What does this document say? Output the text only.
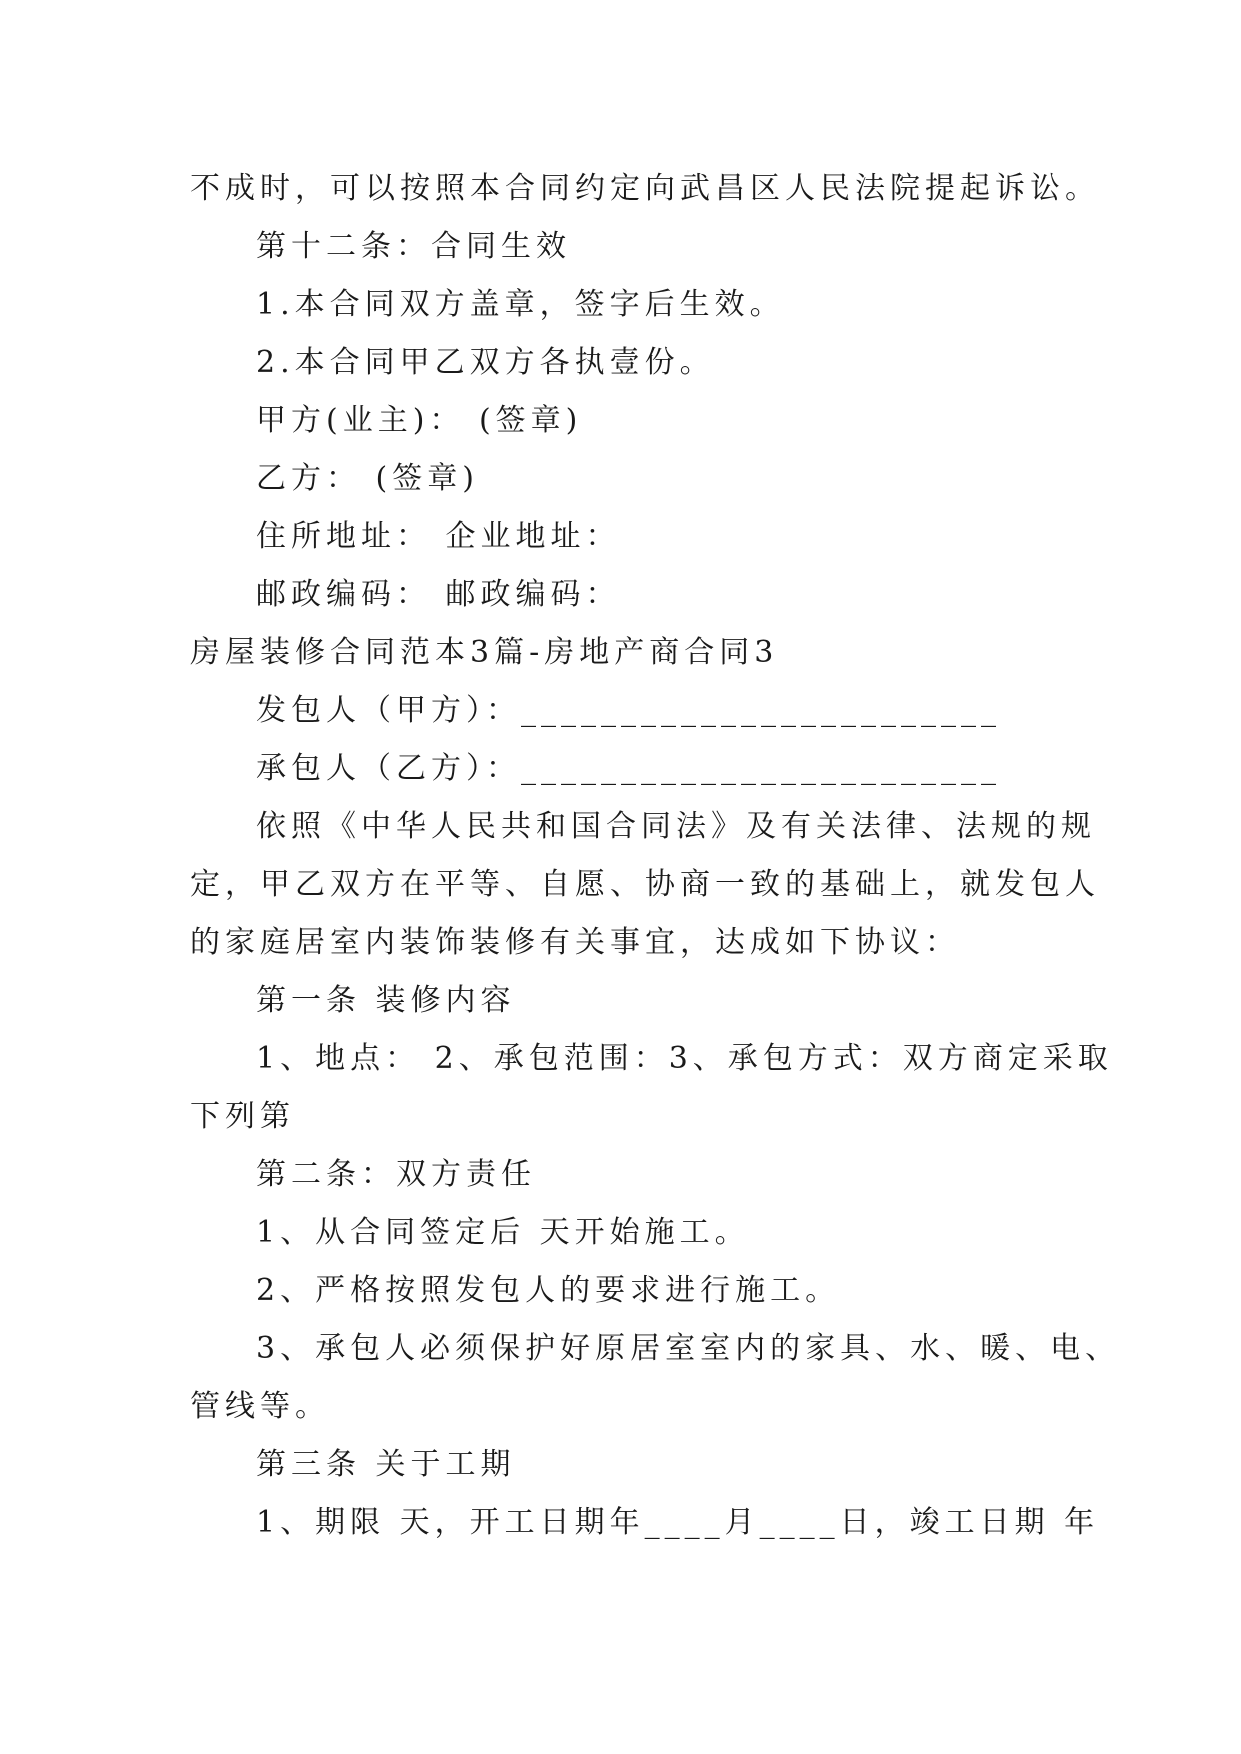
不成时，可以按照本合同约定向武昌区人民法院提起诉讼。
第十二条：合同生效
1.本合同双方盖章，签字后生效。
2.本合同甲乙双方各执壹份。
甲方(业主)： (签章)
乙方： (签章)
住所地址： 企业地址：
邮政编码： 邮政编码：
房屋装修合同范本3篇-房地产商合同3
发包人（甲方）：________________________
承包人（乙方）：________________________
依照《中华人民共和国合同法》及有关法律、法规的规
定，甲乙双方在平等、自愿、协商一致的基础上，就发包人
的家庭居室内装饰装修有关事宜，达成如下协议：
第一条 装修内容
1、地点： 2、承包范围：3、承包方式：双方商定采取
下列第
第二条：双方责任
1、从合同签定后 天开始施工。
2、严格按照发包人的要求进行施工。
3、承包人必须保护好原居室室内的家具、水、暖、电、
管线等。
第三条 关于工期
1、期限 天，开工日期年____月____日，竣工日期 年
